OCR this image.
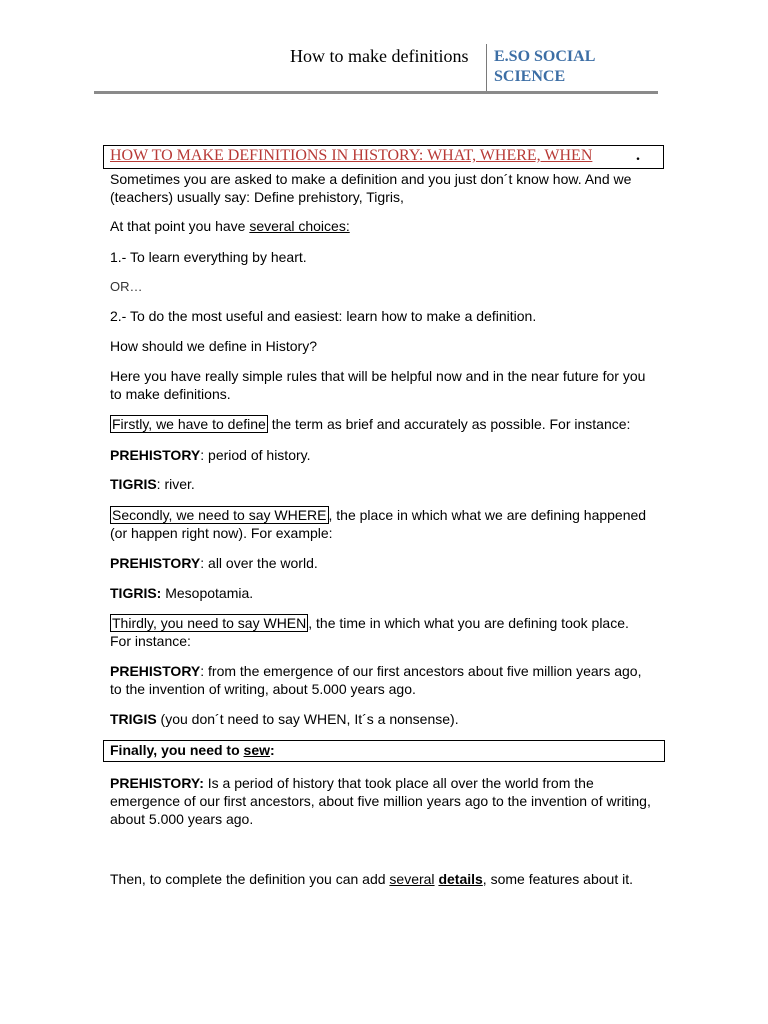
How to make definitions E.SO SOCIAL
SCIENCE
HOW TO MAKE DEFINITIONS IN HISTORY: WHAT, WHERE, WHEN	.
Sometimes you are asked to make a definition and you just don´t know how. And we
(teachers) usually say: Define prehistory, Tigris,
At that point you have several choices:
1.- To learn everything by heart.
OR…
2.- To do the most useful and easiest: learn how to make a definition.
How should we define in History?
Here you have really simple rules that will be helpful now and in the near future for you
to make definitions.
Firstly, we have to define the term as brief and accurately as possible. For instance:
PREHISTORY: period of history.
TIGRIS: river.
Secondly, we need to say WHERE , the place in which what we are defining happened
(or happen right now). For example:
PREHISTORY: all over the world.
TIGRIS: Mesopotamia.
Thirdly, you need to say WHEN , the time in which what you are defining took place.
For instance:
PREHISTORY: from the emergence of our first ancestors about five million years ago,
to the invention of writing, about 5.000 years ago.
TRIGIS (you don´t need to say WHEN, It´s a nonsense).
Finally, you need to sew:
PREHISTORY: Is a period of history that took place all over the world from the
emergence of our first ancestors, about five million years ago to the invention of writing,
about 5.000 years ago.
Then, to complete the definition you can add several details, some features about it.
